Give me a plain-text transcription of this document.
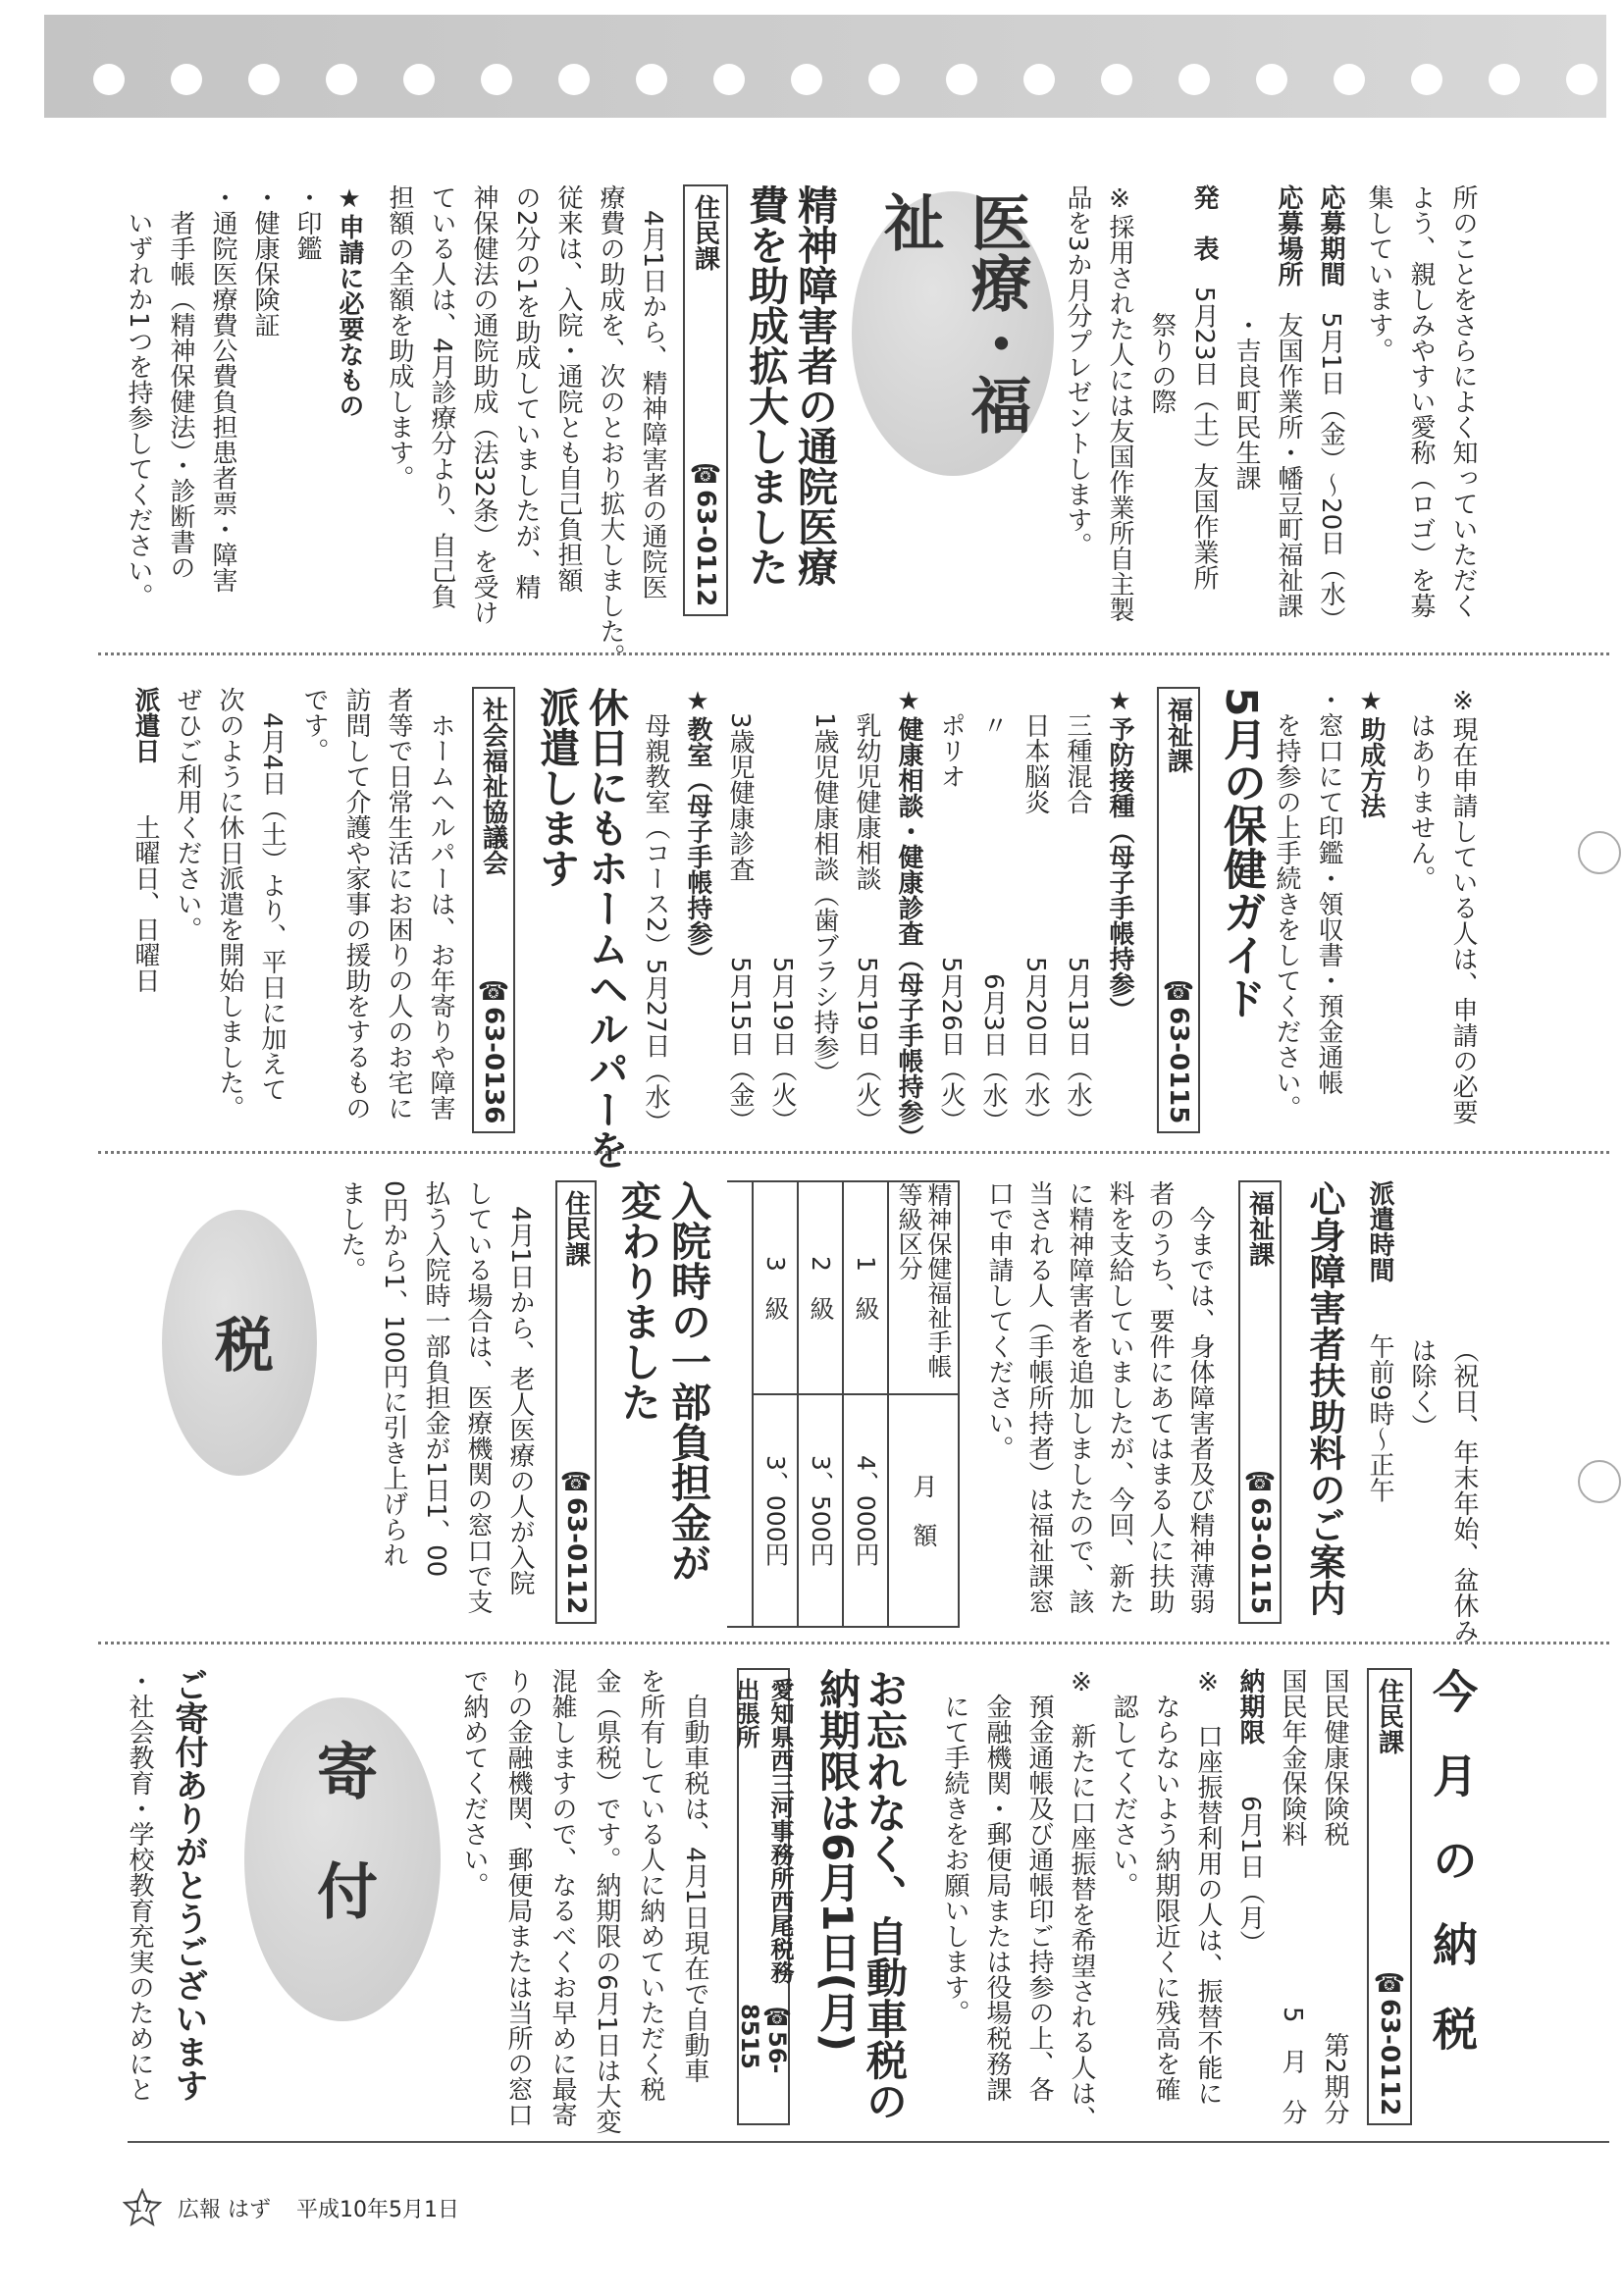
所のことをさらによく知っていただく
よう、親しみやすい愛称（ロゴ）を募
集しています。
応募期間　5月1日（金）～20日（水）
応募場所　友国作業所・幡豆町福祉課
・吉良町民生課
発　表　5月23日（土）友国作業所
祭りの際
※採用された人には友国作業所自主製
品を3か月分プレゼントします。
医療・福祉
精神障害者の通院医療
費を助成拡大しました
住民課
☎63-0112
4月1日から、精神障害者の通院医
療費の助成を、次のとおり拡大しました。
従来は、入院・通院とも自己負担額
の2分の1を助成していましたが、精
神保健法の通院助成（法32条）を受け
ている人は、4月診療分より、自己負
担額の全額を助成します。
★申請に必要なもの
・印鑑
・健康保険証
・通院医療費公費負担患者票・障害
　者手帳（精神保健法）・診断書の
　いずれか1つを持参してください。
※現在申請している人は、申請の必要
　はありません。
★助成方法
・窓口にて印鑑・領収書・預金通帳
　を持参の上手続きをしてください。
5月の保健ガイド
福祉課
☎63-0115
★予防接種（母子手帳持参）
三種混合
5月13日（水）
日本脳炎
5月20日（水）
〃
6月3日（水）
ポリオ
5月26日（火）
★健康相談・健康診査（母子手帳持参）
乳幼児健康相談
5月19日（火）
1歳児健康相談（歯ブラシ持参）
5月19日（火）
3歳児健康診査
5月15日（金）
★教室（母子手帳持参）
母親教室（コース2）
5月27日（水）
休日にもホームヘルパーを
派遣します
社会福祉協議会
☎63-0136
ホームヘルパーは、お年寄りや障害
者等で日常生活にお困りの人のお宅に
訪問して介護や家事の援助をするもの
です。
4月4日（土）より、平日に加えて
次のように休日派遣を開始しました。
ぜひご利用ください。
派遣日　　土曜日、日曜日
（祝日、年末年始、盆休み
は除く）
派遣時間　　午前9時～正午
心身障害者扶助料のご案内
福祉課
☎63-0115
今までは、身体障害者及び精神薄弱
者のうち、要件にあてはまる人に扶助
料を支給していましたが、今回、新た
に精神障害者を追加しましたので、該
当される人（手帳所持者）は福祉課窓
口で申請してください。
精神保健福祉手帳等級区分
月　額
1　級
4、000円
2　級
3、500円
3　級
3、000円
入院時の一部負担金が
変わりました
住民課
☎63-0112
4月1日から、老人医療の人が入院
している場合は、医療機関の窓口で支
払う入院時一部負担金が1日1、00
0円から1、100円に引き上げられ
ました。
税
今月の納税
住民課
☎63-0112
国民健康保険税
第2期分
国民年金保険料
5　月　分
納期限　　6月1日（月）
※　口座振替利用の人は、振替不能に
ならないよう納期限近くに残高を確
認してください。
※　新たに口座振替を希望される人は、
預金通帳及び通帳印ご持参の上、各
金融機関・郵便局または役場税務課
にて手続きをお願いします。
お忘れなく、自動車税の
納期限は6月1日(月)
愛知県西三河事務所西尾税務出張所
☎56-8515
自動車税は、4月1日現在で自動車
を所有している人に納めていただく税
金（県税）です。納期限の6月1日は大変
混雑しますので、なるべくお早めに最寄
りの金融機関、郵便局または当所の窓口
で納めてください。
寄付
ご寄付ありがとうございます
・社会教育・学校教育充実のためにと
17	広報 はず 平成10年5月1日
